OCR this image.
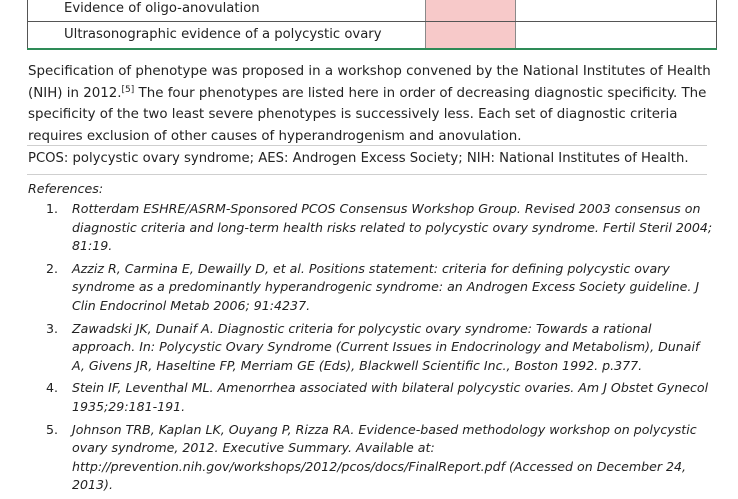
Evidence of oligo-anovulation
Ultrasonographic evidence of a polycystic ovary

Specification of phenotype was proposed in a workshop convened by the National Institutes of Health (NIH) in 2012.[5] The four phenotypes are listed here in order of decreasing diagnostic specificity. The specificity of the two least severe phenotypes is successively less. Each set of diagnostic criteria requires exclusion of other causes of hyperandrogenism and anovulation.

PCOS: polycystic ovary syndrome; AES: Androgen Excess Society; NIH: National Institutes of Health.

References:

1. Rotterdam ESHRE/ASRM-Sponsored PCOS Consensus Workshop Group. Revised 2003 consensus on diagnostic criteria and long-term health risks related to polycystic ovary syndrome. Fertil Steril 2004; 81:19.
2. Azziz R, Carmina E, Dewailly D, et al. Positions statement: criteria for defining polycystic ovary syndrome as a predominantly hyperandrogenic syndrome: an Androgen Excess Society guideline. J Clin Endocrinol Metab 2006; 91:4237.
3. Zawadski JK, Dunaif A. Diagnostic criteria for polycystic ovary syndrome: Towards a rational approach. In: Polycystic Ovary Syndrome (Current Issues in Endocrinology and Metabolism), Dunaif A, Givens JR, Haseltine FP, Merriam GE (Eds), Blackwell Scientific Inc., Boston 1992. p.377.
4. Stein IF, Leventhal ML. Amenorrhea associated with bilateral polycystic ovaries. Am J Obstet Gynecol 1935;29:181-191.
5. Johnson TRB, Kaplan LK, Ouyang P, Rizza RA. Evidence-based methodology workshop on polycystic ovary syndrome, 2012. Executive Summary. Available at: http://prevention.nih.gov/workshops/2012/pcos/docs/FinalReport.pdf (Accessed on December 24, 2013).
